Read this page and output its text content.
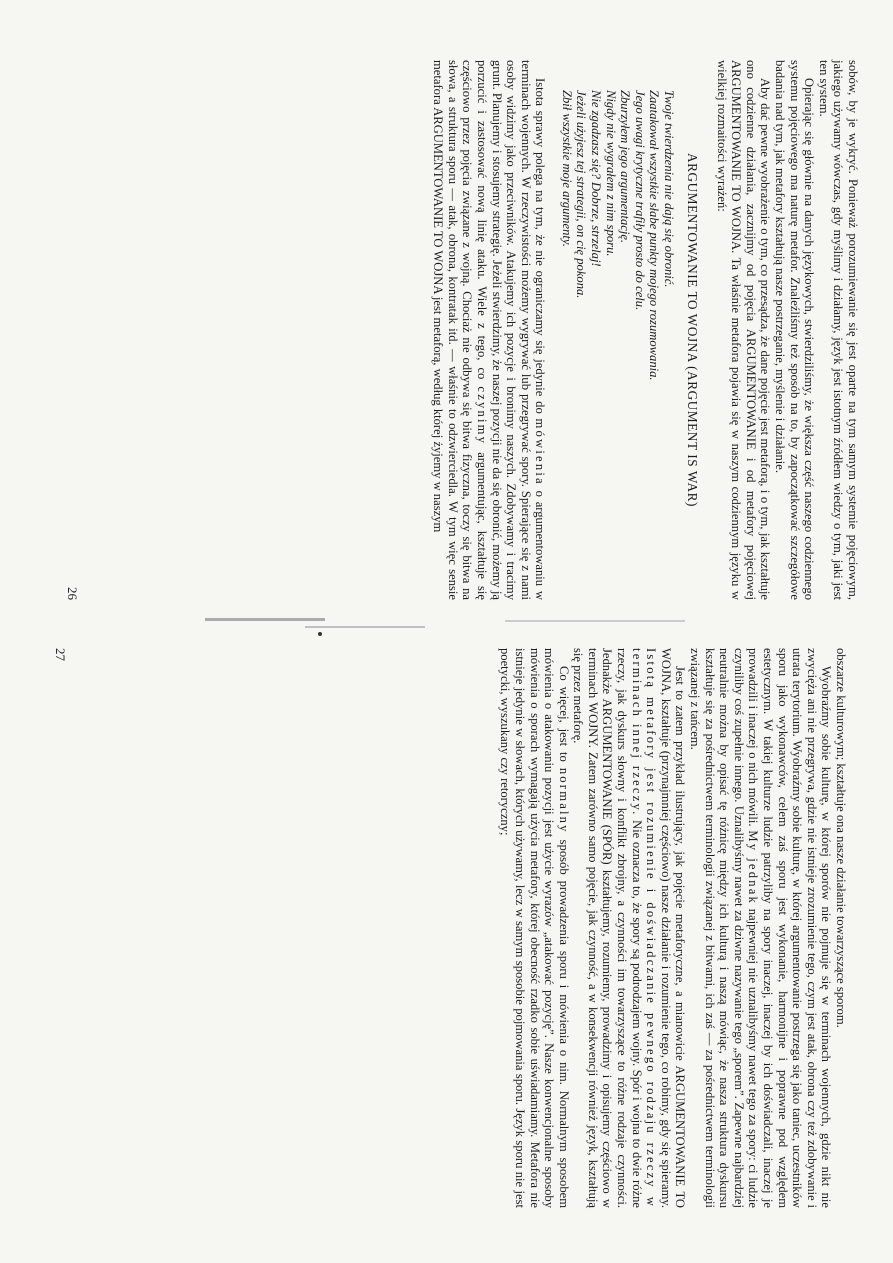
sobów, by je wykryć. Ponieważ porozumiewanie się jest oparte na tym samym systemie pojęciowym, jakiego używamy wówczas, gdy myślimy i działamy, język jest istotnym źródłem wiedzy o tym, jaki jest ten system.

Opierając się głównie na danych językowych, stwierdziliśmy, że większa część naszego codziennego systemu pojęciowego ma naturę metafor. Znaleźliśmy też sposób na to, by zapoczątkować szczegółowe badania nad tym, jak metafory kształtują nasze postrzeganie, myślenie i działanie.

Aby dać pewne wyobrażenie o tym, co przesądza, że dane pojęcie jest metaforą, i o tym, jak kształtuje ono codzienne działania, zacznijmy od pojęcia ARGUMENTOWANIE i od metafory pojęciowej ARGUMENTOWANIE TO WOJNA. Ta właśnie metafora pojawia się w naszym codziennym języku w wielkiej rozmaitości wyrażeń:

ARGUMENTOWANIE TO WOJNA (ARGUMENT IS WAR)
Twoje twierdzenia nie dają się obronić.
Zaatakował wszystkie słabe punkty mojego rozumowania.
Jego uwagi krytyczne trafiły prosto do celu.
Zburzyłem jego argumentację.
Nigdy nie wygrałem z nim sporu.
Nie zgadzasz się? Dobrze, strzelaj!
Jeżeli użyjesz tej strategii, on cię pokona.
Zbił wszystkie moje argumenty.

Istota sprawy polega na tym, że nie ograniczamy się jedynie do mówienia o argumentowaniu w terminach wojennych. W rzeczywistości możemy wygrywać lub przegrywać spory. Spierające się z nami osoby widzimy jako przeciwników. Atakujemy ich pozycje i bronimy naszych. Zdobywamy i tracimy grunt. Planujemy i stosujemy strategię. Jeżeli stwierdzimy, że naszej pozycji nie da się obronić, możemy ją porzucić i zastosować nową linię ataku. Wiele z tego, co czynimy argumentując, kształtuje się częściowo przez pojęcia związane z wojną. Chociaż nie odbywa się bitwa fizyczna, toczy się bitwa na słowa, a struktura sporu — atak, obrona, kontratak itd. — właśnie to odzwierciedla. W tym więc sensie metafora ARGUMENTOWANIE TO WOJNA jest metaforą, według której żyjemy w naszym

26

obszarze kulturowym; kształtuje ona nasze działanie towarzyszące sporom.

Wyobraźmy sobie kulturę, w której sporów nie pojmuje się w terminach wojennych, gdzie nikt nie zwycięża ani nie przegrywa, gdzie nie istnieje zrozumienie tego, czym jest atak, obrona czy też zdobywanie i utrata terytorium. Wyobraźmy sobie kulturę, w której argumentowanie postrzega się jako taniec, uczestników sporu jako wykonawców, celem zaś sporu jest wykonanie, harmonijne i poprawne pod względem estetycznym. W takiej kulturze ludzie patrzyliby na spory inaczej, inaczej by ich doświadczali, inaczej je prowadzili i inaczej o nich mówili. My jednak najpewniej nie uznalibyśmy nawet tego za spory: ci ludzie czyniliby coś zupełnie innego. Uznalibyśmy nawet za dziwne nazywanie tego „sporem”. Zapewne najbardziej neutralnie można by opisać tę różnicę między ich kulturą i naszą mówiąc, że nasza struktura dyskursu kształtuje się za pośrednictwem terminologii związanej z bitwami, ich zaś — za pośrednictwem terminologii związanej z tańcem.

Jest to zatem przykład ilustrujący, jak pojęcie metaforyczne, a mianowicie ARGUMENTOWANIE TO WOJNA, kształtuje (przynajmniej częściowo) nasze działanie i rozumienie tego, co robimy, gdy się spieramy. Istotą metafory jest rozumienie i doświadczanie pewnego rodzaju rzeczy w terminach innej rzeczy. Nie oznacza to, że spory są podrodzajem wojny. Spór i wojna to dwie różne rzeczy, jak dyskurs słowny i konflikt zbrojny, a czynności im towarzyszące to różne rodzaje czynności. Jednakże ARGUMENTOWANIE (SPÓR) kształtujemy, rozumiemy, prowadzimy i opisujemy częściowo w terminach WOJNY. Zatem zarówno samo pojęcie, jak czynność, a w konsekwencji również język, kształtują się przez metaforę.

Co więcej, jest to normalny sposób prowadzenia sporu i mówienia o nim. Normalnym sposobem mówienia o atakowaniu pozycji jest użycie wyrazów „atakować pozycję”. Nasze konwencjonalne sposoby mówienia o sporach wymagają użycia metafory, której obecność rzadko sobie uświadamiamy. Metafora nie istnieje jedynie w słowach, których używamy, lecz w samym sposobie pojmowania sporu. Język sporu nie jest poetycki, wyszukany czy retoryczny;

27
